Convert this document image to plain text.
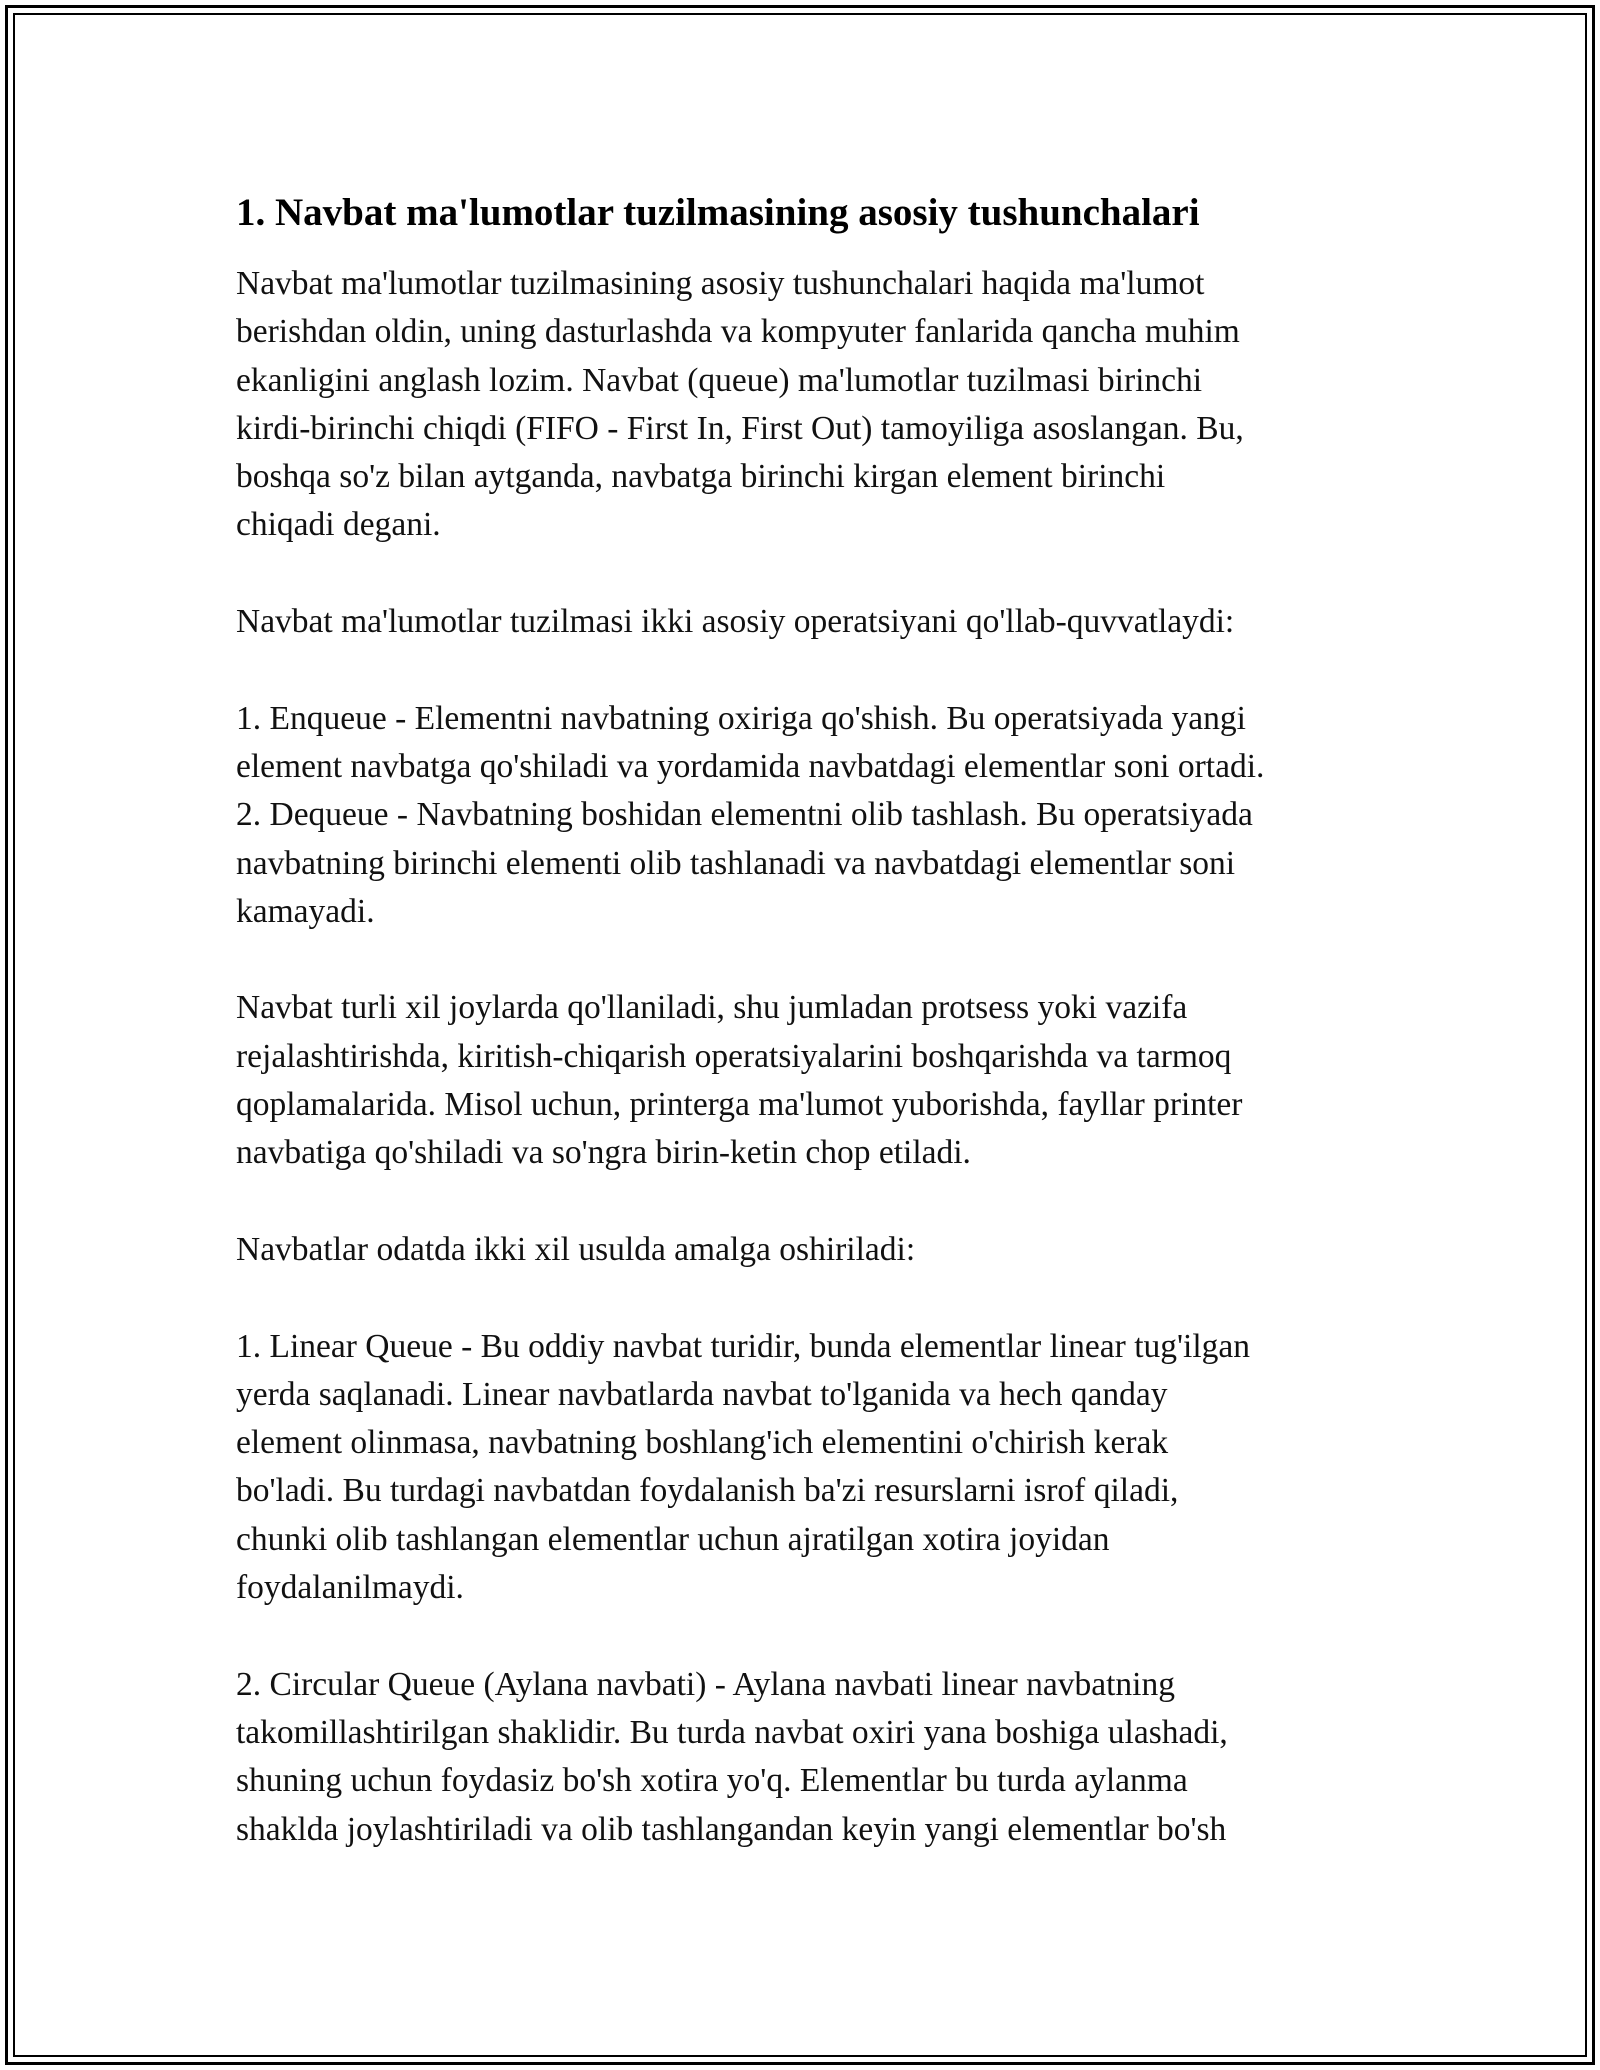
1. Navbat ma'lumotlar tuzilmasining asosiy tushunchalari

Navbat ma'lumotlar tuzilmasining asosiy tushunchalari haqida ma'lumot
berishdan oldin, uning dasturlashda va kompyuter fanlarida qancha muhim
ekanligini anglash lozim. Navbat (queue) ma'lumotlar tuzilmasi birinchi
kirdi-birinchi chiqdi (FIFO - First In, First Out) tamoyiliga asoslangan. Bu,
boshqa so'z bilan aytganda, navbatga birinchi kirgan element birinchi
chiqadi degani.

Navbat ma'lumotlar tuzilmasi ikki asosiy operatsiyani qo'llab-quvvatlaydi:

1. Enqueue - Elementni navbatning oxiriga qo'shish. Bu operatsiyada yangi
element navbatga qo'shiladi va yordamida navbatdagi elementlar soni ortadi.
2. Dequeue - Navbatning boshidan elementni olib tashlash. Bu operatsiyada
navbatning birinchi elementi olib tashlanadi va navbatdagi elementlar soni
kamayadi.

Navbat turli xil joylarda qo'llaniladi, shu jumladan protsess yoki vazifa
rejalashtirishda, kiritish-chiqarish operatsiyalarini boshqarishda va tarmoq
qoplamalarida. Misol uchun, printerga ma'lumot yuborishda, fayllar printer
navbatiga qo'shiladi va so'ngra birin-ketin chop etiladi.

Navbatlar odatda ikki xil usulda amalga oshiriladi:

1. Linear Queue - Bu oddiy navbat turidir, bunda elementlar linear tug'ilgan
yerda saqlanadi. Linear navbatlarda navbat to'lganida va hech qanday
element olinmasa, navbatning boshlang'ich elementini o'chirish kerak
bo'ladi. Bu turdagi navbatdan foydalanish ba'zi resurslarni isrof qiladi,
chunki olib tashlangan elementlar uchun ajratilgan xotira joyidan
foydalanilmaydi.

2. Circular Queue (Aylana navbati) - Aylana navbati linear navbatning
takomillashtirilgan shaklidir. Bu turda navbat oxiri yana boshiga ulashadi,
shuning uchun foydasiz bo'sh xotira yo'q. Elementlar bu turda aylanma
shaklda joylashtiriladi va olib tashlangandan keyin yangi elementlar bo'sh
